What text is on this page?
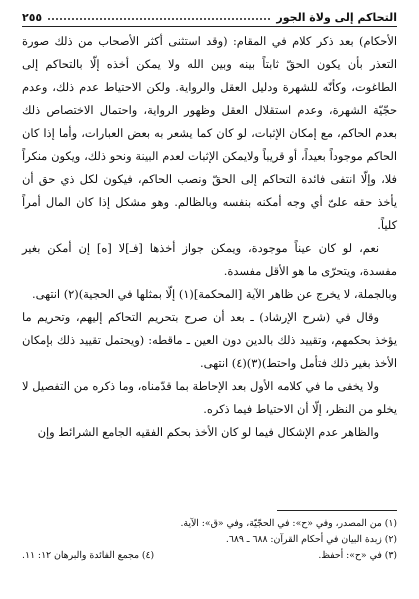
التحاكم إلى ولاة الجور
٢٥٥

الأحكام) بعد ذكر كلام في المقام: (وقد استثنى أكثر الأصحاب من ذلك صورة التعذر بأن يكون الحقّ ثابتاً بينه وبين الله ولا يمكن أخذه إلّا بالتحاكم إلى الطاغوت، وكأنّه للشهرة ودليل العقل والرواية. ولكن الاحتياط عدم ذلك، وعدم حجّيّة الشهرة، وعدم استقلال العقل وظهور الرواية، واحتمال الاختصاص ذلك بعدم الحاكم، مع إمكان الإثبات، لو كان كما يشعر به بعض العبارات، وأما إذا كان الحاكم موجوداً بعيداً، أو قريباً ولايمكن الإثبات لعدم البينة ونحو ذلك، ويكون منكراً فلا، وإلّا انتفى فائدة التحاكم إلى الحقّ ونصب الحاكم، فيكون لكل ذي حق أن يأخذ حقه علىّ أي وجه أمكنه بنفسه وبالظالم. وهو مشكل إذا كان المال أمراً كلياً.

نعم، لو كان عيناً موجودة، ويمكن جواز أخذها [فـ]لا [ه] إن أمكن بغير مفسدة، ويتحرّى ما هو الأقل مفسدة.

وبالجملة، لا يخرج عن ظاهر الآية [المحكمة](١) إلّا بمثلها في الحجية)(٢) انتهى.

وقال في (شرح الإرشاد) ـ بعد أن صرح بتحريم التحاكم إليهم، وتحريم ما يؤخذ بحكمهم، وتقييد ذلك بالدين دون العين ـ ماقطه: (ويحتمل تقييد ذلك بإمكان الأخذ بغير ذلك فتأمل واحتط)(٣)(٤) انتهى.

ولا يخفى ما في كلامه الأول بعد الإحاطة بما قدّمناه، وما ذكره من التفصيل لا يخلو من النظر، إلّا أن الاحتياط فيما ذكره.

والظاهر عدم الإشكال فيما لو كان الأخذ بحكم الفقيه الجامع الشرائط وإن

(١) من المصدر، وفي «ح»: في الحجّيّة، وفي «ق»: الآية.
(٢) زبدة البيان في أحكام القرآن: ٦٨٨ ـ ٦٨٩.
(٣) في «ح»: أحفظ.
(٤) مجمع الفائدة والبرهان ١٢: ١١.
